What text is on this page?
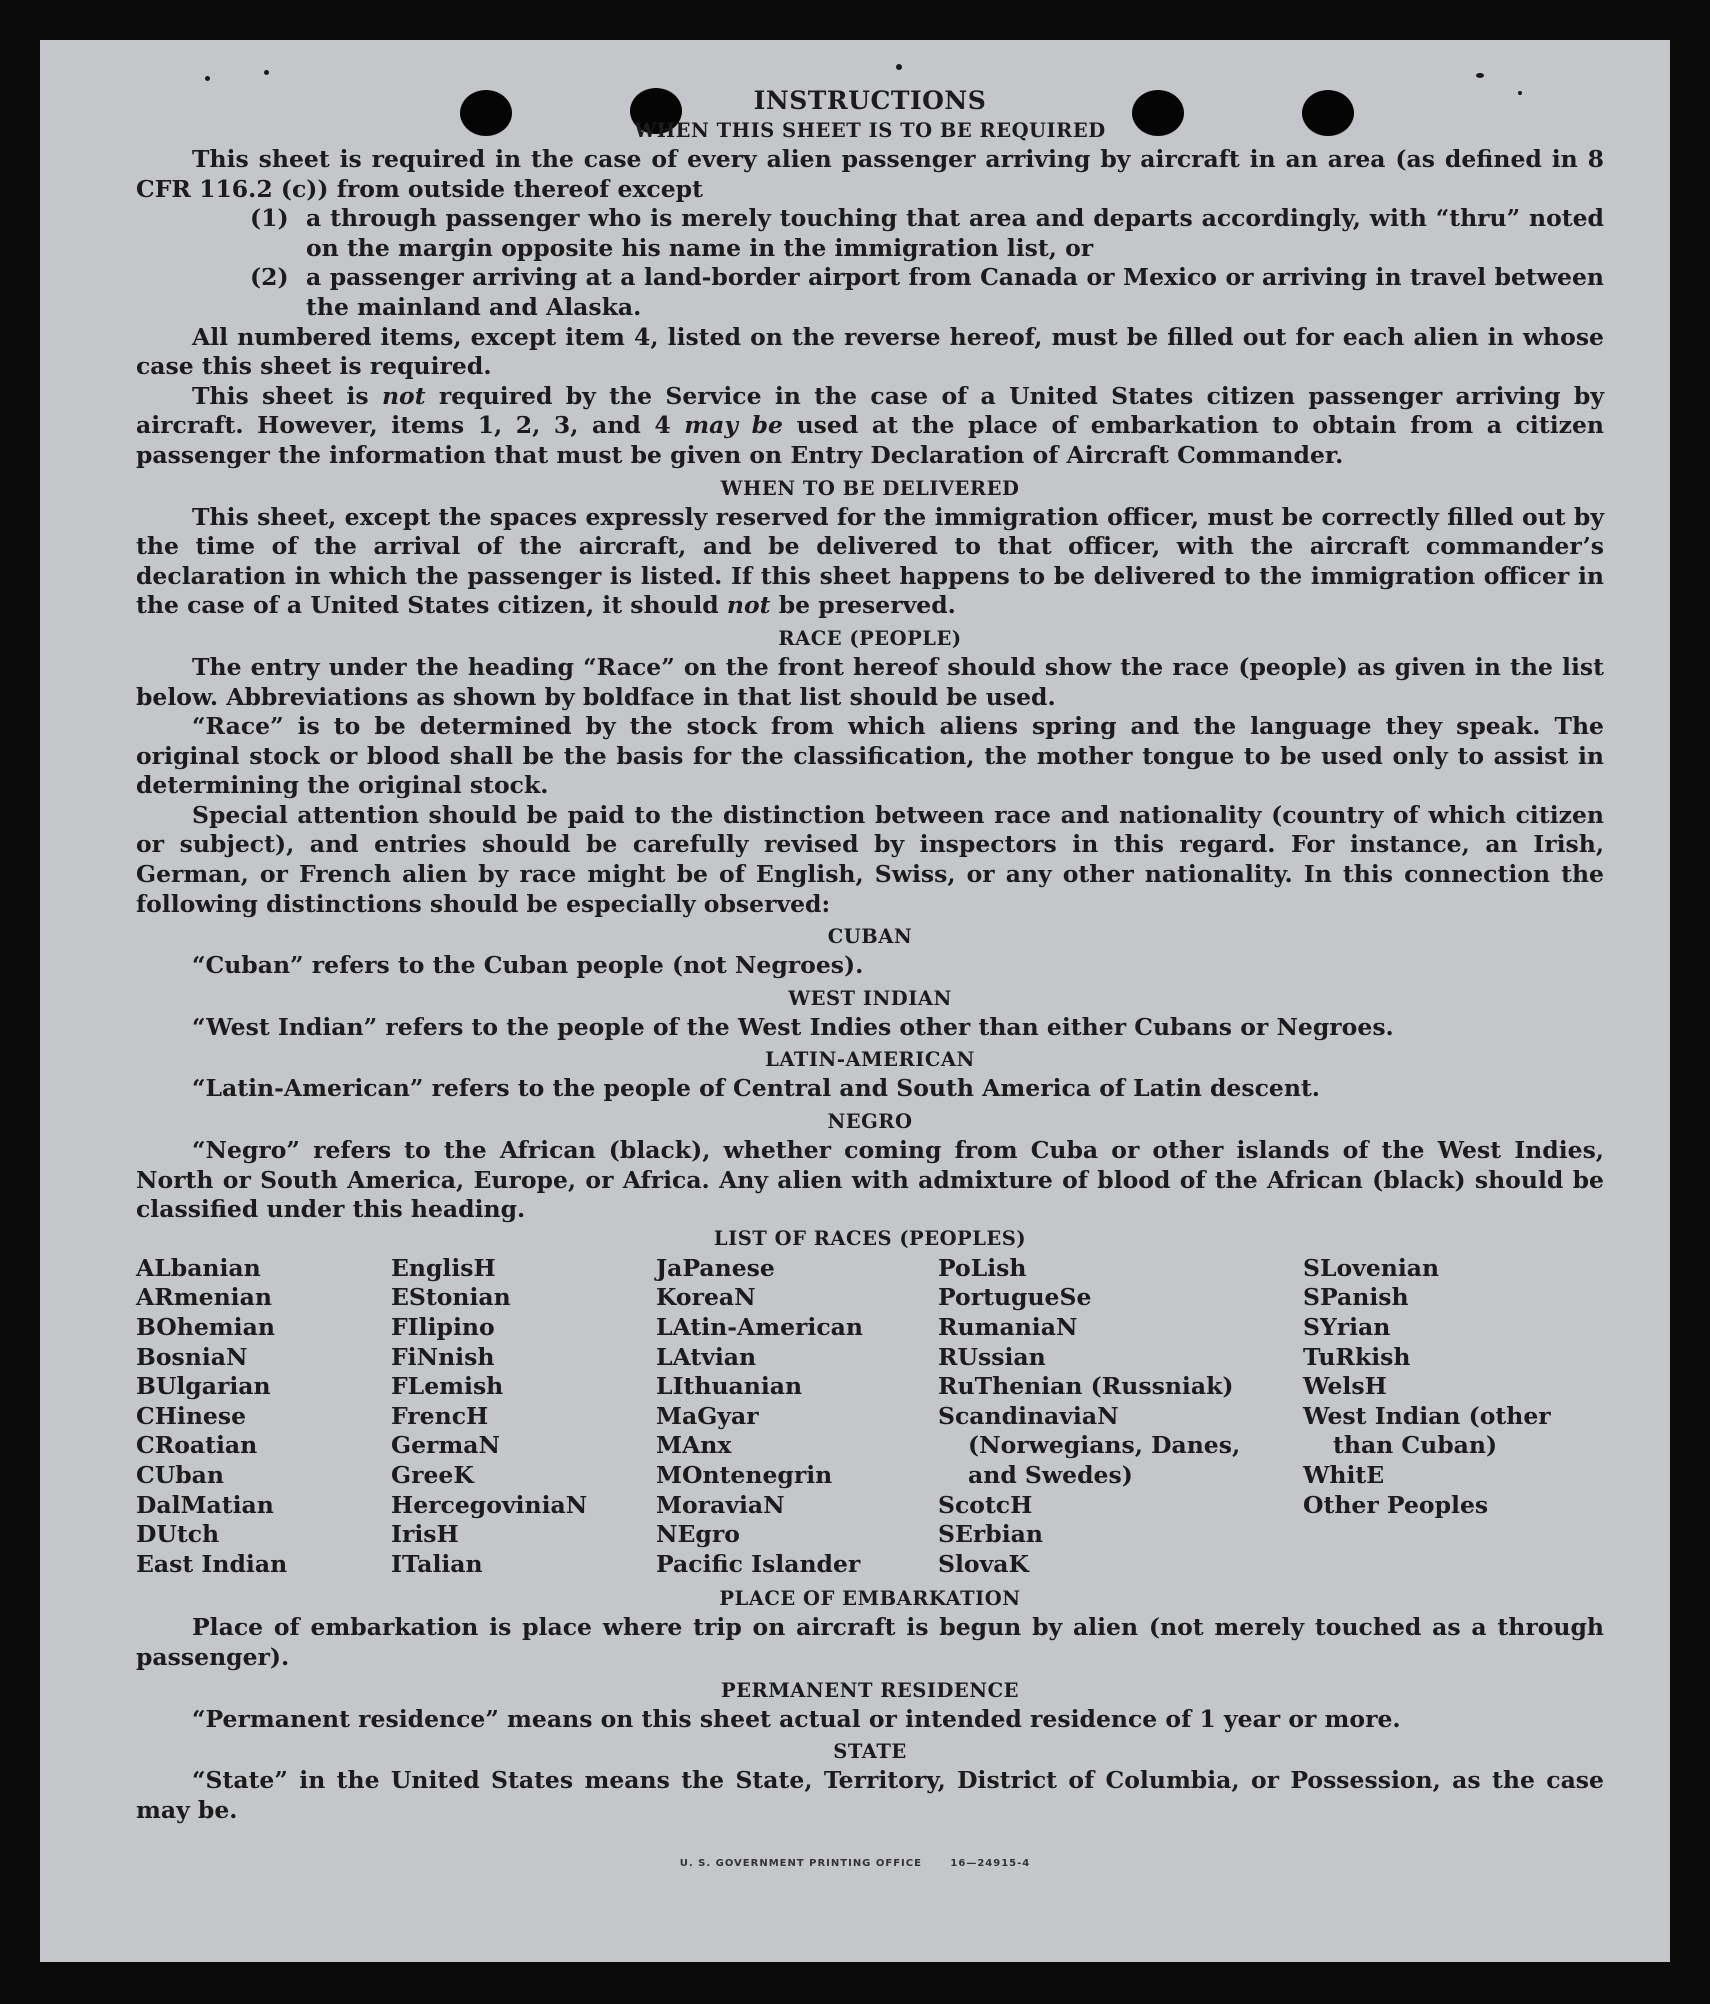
INSTRUCTIONS
WHEN THIS SHEET IS TO BE REQUIRED

This sheet is required in the case of every alien passenger arriving by aircraft in an area (as defined in 8 CFR 116.2 (c)) from outside thereof except

(1) a through passenger who is merely touching that area and departs accordingly, with “thru” noted on the margin opposite his name in the immigration list, or

(2) a passenger arriving at a land-border airport from Canada or Mexico or arriving in travel between the mainland and Alaska.

All numbered items, except item 4, listed on the reverse hereof, must be filled out for each alien in whose case this sheet is required.

This sheet is not required by the Service in the case of a United States citizen passenger arriving by aircraft. However, items 1, 2, 3, and 4 may be used at the place of embarkation to obtain from a citizen passenger the information that must be given on Entry Declaration of Aircraft Commander.

WHEN TO BE DELIVERED

This sheet, except the spaces expressly reserved for the immigration officer, must be correctly filled out by the time of the arrival of the aircraft, and be delivered to that officer, with the aircraft commander’s declaration in which the passenger is listed. If this sheet happens to be delivered to the immigration officer in the case of a United States citizen, it should not be preserved.

RACE (PEOPLE)

The entry under the heading “Race” on the front hereof should show the race (people) as given in the list below. Abbreviations as shown by boldface in that list should be used.

“Race” is to be determined by the stock from which aliens spring and the language they speak. The original stock or blood shall be the basis for the classification, the mother tongue to be used only to assist in determining the original stock.

Special attention should be paid to the distinction between race and nationality (country of which citizen or subject), and entries should be carefully revised by inspectors in this regard. For instance, an Irish, German, or French alien by race might be of English, Swiss, or any other nationality. In this connection the following distinctions should be especially observed:

CUBAN

“Cuban” refers to the Cuban people (not Negroes).

WEST INDIAN

“West Indian” refers to the people of the West Indies other than either Cubans or Negroes.

LATIN-AMERICAN

“Latin-American” refers to the people of Central and South America of Latin descent.

NEGRO

“Negro” refers to the African (black), whether coming from Cuba or other islands of the West Indies, North or South America, Europe, or Africa. Any alien with admixture of blood of the African (black) should be classified under this heading.

LIST OF RACES (PEOPLES)
ALbanian
ARmenian
BOhemian
BosniaN
BUlgarian
CHinese
CRoatian
CUban
DalMatian
DUtch
East Indian
EnglisH
EStonian
FIlipino
FiNnish
FLemish
FrencH
GermaN
GreeK
HercegoviniaN
IrisH
ITalian
JaPanese
KoreaN
LAtin-American
LAtvian
LIthuanian
MaGyar
MAnx
MOntenegrin
MoraviaN
NEgro
Pacific Islander
PoLish
PortugueSe
RumaniaN
RUssian
RuThenian (Russniak)
ScandinaviaN (Norwegians, Danes, and Swedes)
ScotcH
SErbian
SlovaK
SLovenian
SPanish
SYrian
TuRkish
WelsH
West Indian (other than Cuban)
WhitE
Other Peoples
PLACE OF EMBARKATION

Place of embarkation is place where trip on aircraft is begun by alien (not merely touched as a through passenger).

PERMANENT RESIDENCE

“Permanent residence” means on this sheet actual or intended residence of 1 year or more.

STATE

“State” in the United States means the State, Territory, District of Columbia, or Possession, as the case may be.

U. S. GOVERNMENT PRINTING OFFICE	16—24915-4
